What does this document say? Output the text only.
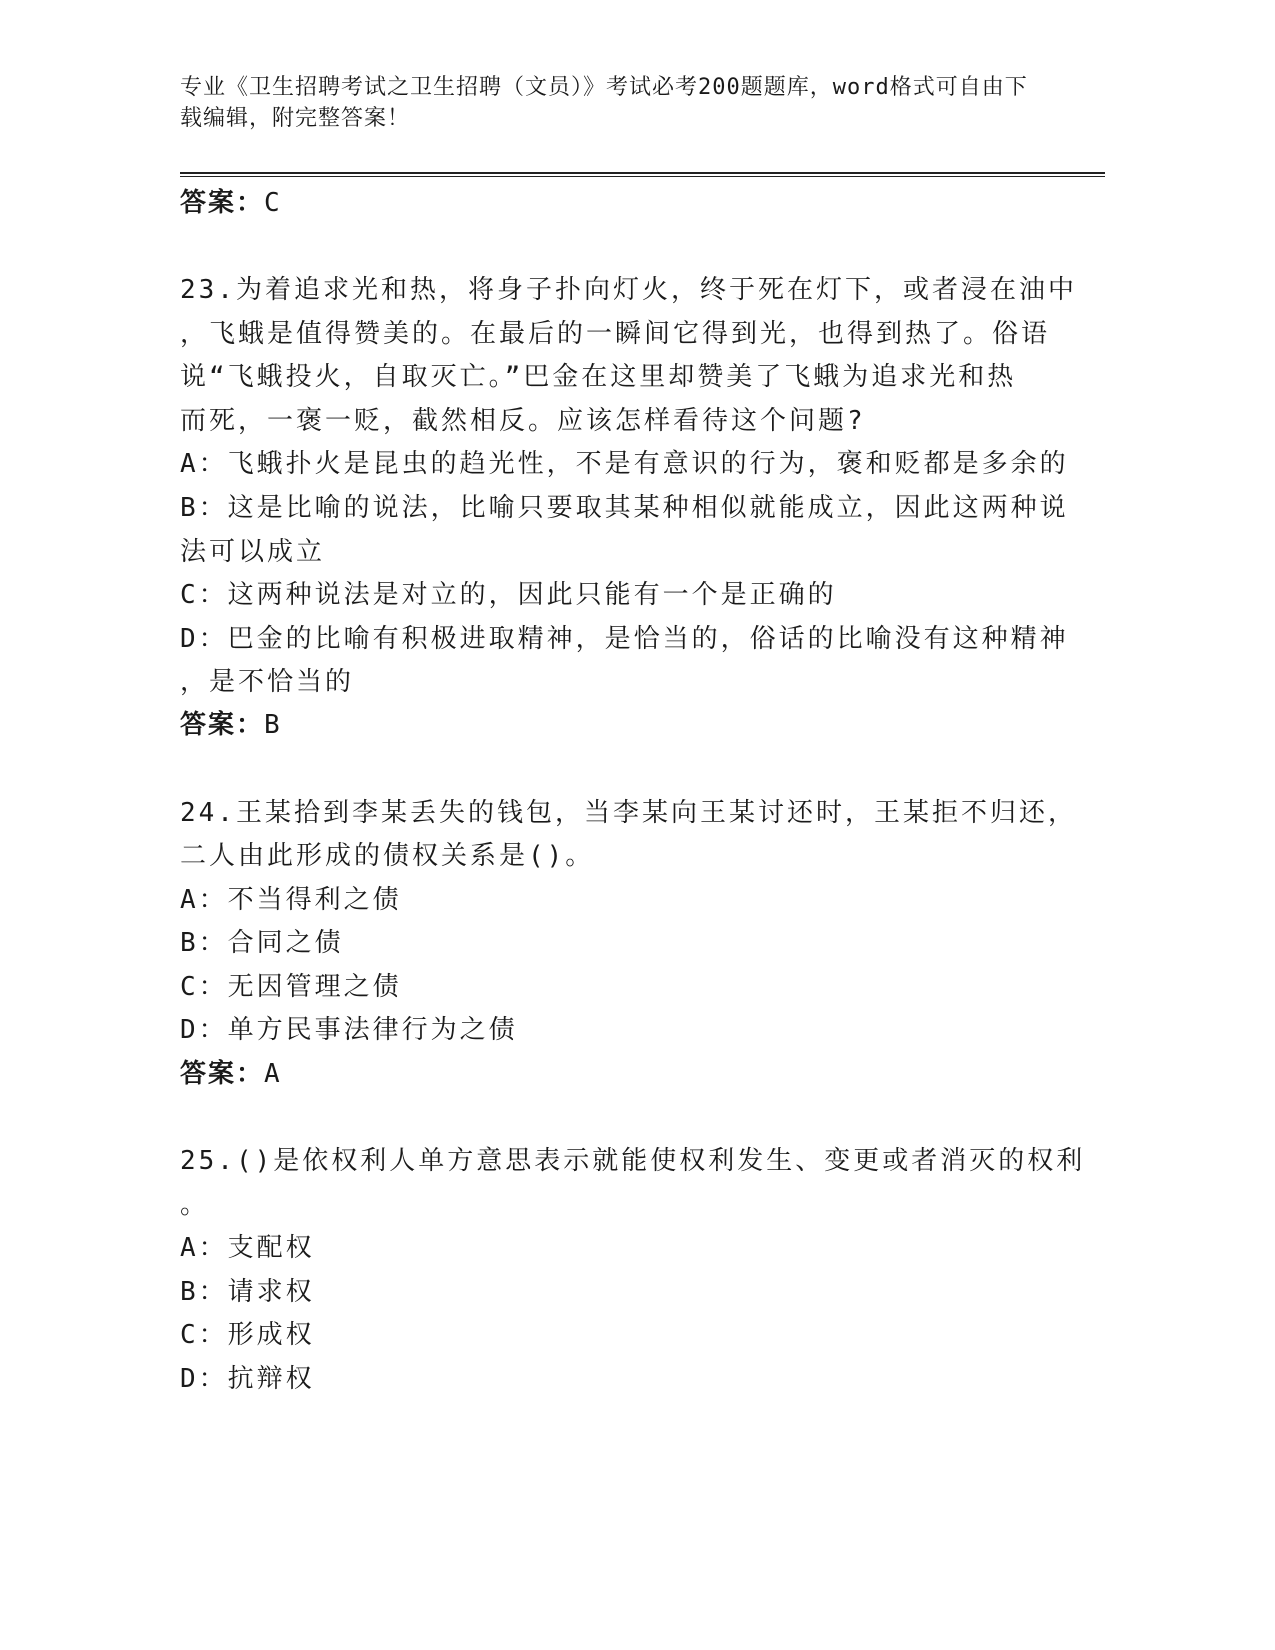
专业《卫生招聘考试之卫生招聘（文员）》考试必考200题题库，word格式可自由下载编辑，附完整答案！
答案：C
23.为着追求光和热，将身子扑向灯火，终于死在灯下，或者浸在油中
，飞蛾是值得赞美的。在最后的一瞬间它得到光，也得到热了。俗语
说“飞蛾投火，自取灭亡。”巴金在这里却赞美了飞蛾为追求光和热
而死，一褒一贬，截然相反。应该怎样看待这个问题?
A：飞蛾扑火是昆虫的趋光性，不是有意识的行为，褒和贬都是多余的
B：这是比喻的说法，比喻只要取其某种相似就能成立，因此这两种说
法可以成立
C：这两种说法是对立的，因此只能有一个是正确的
D：巴金的比喻有积极进取精神，是恰当的，俗话的比喻没有这种精神
，是不恰当的
答案：B
24.王某拾到李某丢失的钱包，当李某向王某讨还时，王某拒不归还，
二人由此形成的债权关系是()。
A：不当得利之债
B：合同之债
C：无因管理之债
D：单方民事法律行为之债
答案：A
25.()是依权利人单方意思表示就能使权利发生、变更或者消灭的权利
。
A：支配权
B：请求权
C：形成权
D：抗辩权
